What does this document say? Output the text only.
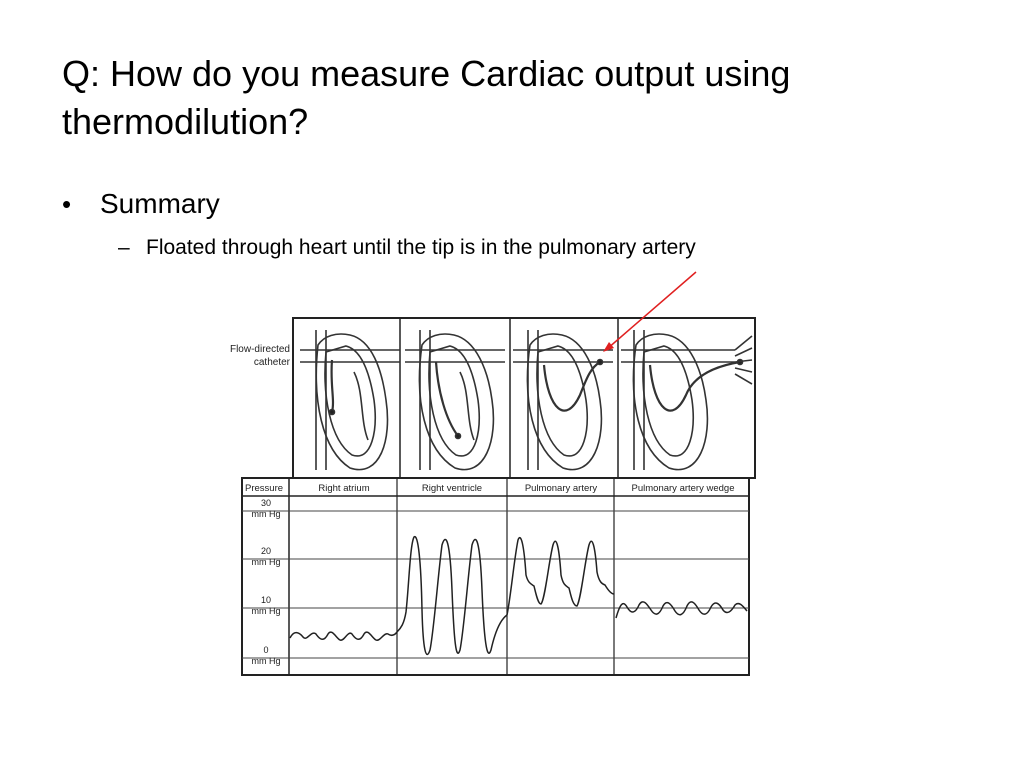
Q: How do you measure Cardiac output using thermodilution?
•	Summary
– Floated through heart until the tip is in the pulmonary artery
Flow-directed
catheter
Pressure	Right atrium	Right ventricle	Pulmonary artery	Pulmonary artery wedge
30
mm Hg
20
mm Hg
10
mm Hg
0
mm Hg
